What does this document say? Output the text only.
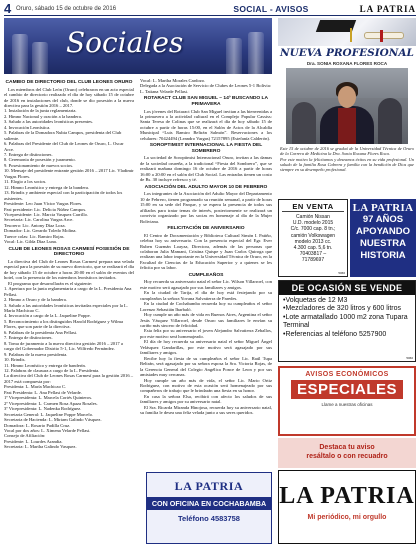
4 Oruro, sábado 15 de octubre de 2016	SOCIAL - AVISOS	LA PATRIA
Sociales
CAMBIO DE DIRECTORIO DEL CLUB LEONES ORURO

Los miembros del Club León (Oruro) celebraron en un acto especial el cambio de directorio realizado el día de hoy sábado 15 de octubre de 2016 en instalaciones del club, donde se dio posesión a la nueva directiva para la gestión 2016 – 2017.

1. Instalación de la junta reglamentaria.

2. Himno Nacional y oración a la bandera.

3. Saludo a las autoridades leonísticas presentes.

4. Invocación Leonística.

5. Palabras de la Domadora Nubia Campos, presidenta del Club saliente.

6. Palabras del Presidente del Club de Leones de Oruro, L. Oscar Arce.

7. Entrega de distinciones.

8. Ceremonia de posesión y juramento.

9. Posesionamiento de nuevos socios.

10. Mensaje del presidente entrante gestión 2016 – 2017 Lic. Vladimir Vargas Flores.

11. Elogio a los socios.

12. Himno Leonístico y entrega de la bandera.

13. Brindis y ambiente especial con la participación de todos los asistentes.

Presidente: Leo Juan Víctor Vargas Flores.

Past presidente: Lic. Delicia Núñez Campos.

Vicepresidente: Lic. Marcia Vasquez Carrillo.

Secretaria: Lic. Carolina Vargas Arce.

Tesorero: Lic. Antony Díaz Loza.

Domador: Lic. Gerardo Toledo Molina.

Tuerce colas: Lic. Ramiro Rojas.

Vocal: Lic. Gilda Díaz Luna.

CLUB DE LEONES ROSAS CARMESÍ POSESIÓN DE DIRECTORIO

La directiva del Club de Leones Rosas Carmesí prepara una velada especial para la posesión de su nuevo directorio, que se realizará el día de hoy sábado 15 de octubre a horas 20:00 en el salón de eventos del hotel, con la presencia de los miembros leonísticos invitados.

El programa que desarrollarán es el siguiente:

1. Apertura por la junta reglamentaria a cargo de la L. Presidenta Ana Pellasi.

2. Himno a Oruro y de la bandera.

3. Saludo a las autoridades leonísticas invitadas especiales por la L. María Machicao C.

4. Invocación a cargo de la L. Jaqueline Poppe.

5. Reconocimiento a los distinguidos Harold Rodríguez y Wilma Flores, que son parte de la directiva.

6. Palabras de la presidenta Ana Pellasi.

7. Entrega de distinciones.

8. Toma de juramento a la nueva directiva gestión 2016 – 2017 a cargo del Gobernador Distrito 5-1, Lic. Wilfredo Fernández.

9. Palabras de la nueva presidenta.

10. Brindis.

11. Himno Leonístico y entrega de banderín.

12. Palabras de clausura a cargo de la L. Presidenta.

La directiva del Club de Leones Rosas Carmesí para la gestión 2016 – 2017 está compuesta por:

Presidenta: L. María Machicao C.

Past Presidenta: L. Ana Pellasi de Velarde.

1º Vicepresidenta: L. Marcela Cortés Quinteros.

2º Vicepresidenta: L. Carmen Rosa Apaza Rosales.

3º Vicepresidenta: L. Nadenka Rodríguez.

Secretaria General: L. Jaqueline Poppe Marcelo.

Secretaria de Hacienda: L. Miriam Galindo Vásquez.

Domadora: L. Rosario Padilla Cruz.

Vocal por dos años: L. Ximena Velarde Pellasi.

Consejo de Afiliación:

Presidente: L. Lourdes Arandia.

Secretaria: L. Martha Galindo Vasquez.

Vocal: L. Martha Morales Cardozo.

Delegada a la Asociación de Servicio de Clubes de Leones 5-1 Bolivia: L. Tatiana Velarde Pellasi.

ROTARACT CLUB SAN MIGUEL – 14º BUSCANDO LA PRIMAVERA

Los jóvenes del Rotaract Club San Miguel invitan a las bienvenidas a la primavera a la actividad cultural en el Complejo Papular Cassiss: Santa Teresa de Colinas que se realizará el día de hoy sábado 15 de octubre a partir de horas 15:00, en el Salón de Actos de la Alcaldía Municipal “Luis Ramiro Beltrán Salmón”. Reservaciones a los celulares: 70424494 (Leandro Vargas) 72157895 (Estefanía Calderón).

SOROPTIMIST INTERNACIONAL LA FIESTA DEL SOMBRERO

La sociedad de Soroptimist Internacional Oruro, invitan a las damas de la sociedad orureña, a la tradicional “Fiesta del Sombrero”, que se realizará mañana domingo 16 de octubre de 2016 a partir de horas 16:00 a 20:00 en el salón del Club Social. Las entradas tienen un costo de Bs. 30 incluye refresco y té.

ASOCIACIÓN DEL ADULTO MAYOR 10 DE FEBRERO

Los integrantes de la Asociación del Adulto Mayor del Departamento 10 de Febrero, tienen programado su reunión semanal, a partir de horas 15:00 en su sede del Parque, y se espera la presencia de todos sus afiliados para tratar temas de interés, posteriormente se realizará un convivio organizado por las socias en homenaje al día de la Mujer Boliviana.

FELICITACIÓN DE ANIVERSARIO

El Centro de Documentación y Biblioteca Cultural Simón I. Patiño, celebra hoy su aniversario. Con la presencia especial del Egr. Ever Ruben Guzmán Loayza, Directora, además de las personas que colaboran Julia Mamani, Cristina Quispe y Juan Carlos Quiroga que realizan una labor importante en la Universidad Técnica de Oruro, en la Facultad de Ciencias de la Educación Superior y a quienes se les felicita por su labor.

CUMPLEAÑOS

Hoy recuerda su aniversario natal el señor Lic. Wilson Villarroel, con este motivo será agasajado por sus familiares y amigos.

En la ciudad de Tarija, el día de hoy está festejando por su cumpleaños la señora Yovana Salvatierra de Paredes.

En la ciudad de Cochabamba recuerda hoy su cumpleaños el señor Lorenzo Sebastián Ibarbaló.

Hoy cumple un año más de vida en Buenos Aires, Argentina el señor Jesús Vásquez Villarroel, desde Oruro sus familiares le envían su cariño más sincero de felicidad.

Esta feliz por su aniversario el joven Alejandro Salvatierra Zeballos, por este motivo será homenajeado.

El día de hoy recuerda su aniversario natal el señor Miguel Ángel Velásquez Gandarillas, por este motivo será agasajado por sus familiares y amigos.

Recibe hoy la fiesta de su cumpleaños el señor Lic. Raúl Tupa Beltrán, será agasajado por su señora esposa la Sra. Victoria Rojas, de la Gerencia General del Colegio Angélica Ponce de Leon y por sus amistades muy cercanas.

Hoy cumple un año más de vida, el señor Lic. Mario Ortiz Rodriguez, con motivo de esta ocasión será homenajeado por sus compañeros de trabajo que le brindarán una fiesta en su honor.

En casa la señora Elsa, recibirá con afecto los saludos de sus familiares y amigos por su aniversario natal.

El Sra. Ricarda Miranda Hinojosa, recuerda hoy su aniversario natal, su familia le desea una feliz velada junto a sus seres queridos.

NUEVA PROFESIONAL
Dra. SONIA ROXANA FLORES ROCA
Este 15 de octubre de 2016 se graduó de la Universidad Técnica de Oruro de la Carrera de Medicina la Dra. Sonia Roxana Flores Roca.
Por este motivo la felicitamos y deseamos éxitos en su vida profesional. Un saludo de la familia Rosa Cabrera y familia con la bendición de Dios que siempre en su desempeño profesional.
EN VENTA
Camión Nissan
U.D. modelo 2015
C/c. 7000 cap. 8 tn.;
camión Volkswagen
modelo 2013 cc.
4.300 cap. 5,6 tn.
70403817 –
71789697
5066
LA PATRIA
97 AÑOS
APOYANDO
NUESTRA
HISTORIA
DE OCASIÓN SE VENDE
• Volquetas de 12 M3
• Mezcladores de 320 litros y 600 litros
• Lote armatallado 1000 m2 zona Tupara Terminal
• Referencias al teléfono 5257900
5060
AVISOS ECONÓMICOS
ESPECIALES
Llame a nuestras oficinas
Destaca tu aviso
resáltalo o con recuadro
LA PATRIA
CON OFICINA EN COCHABAMBA
Teléfono 4583758
LA PATRIA
Mi periódico, mi orgullo
